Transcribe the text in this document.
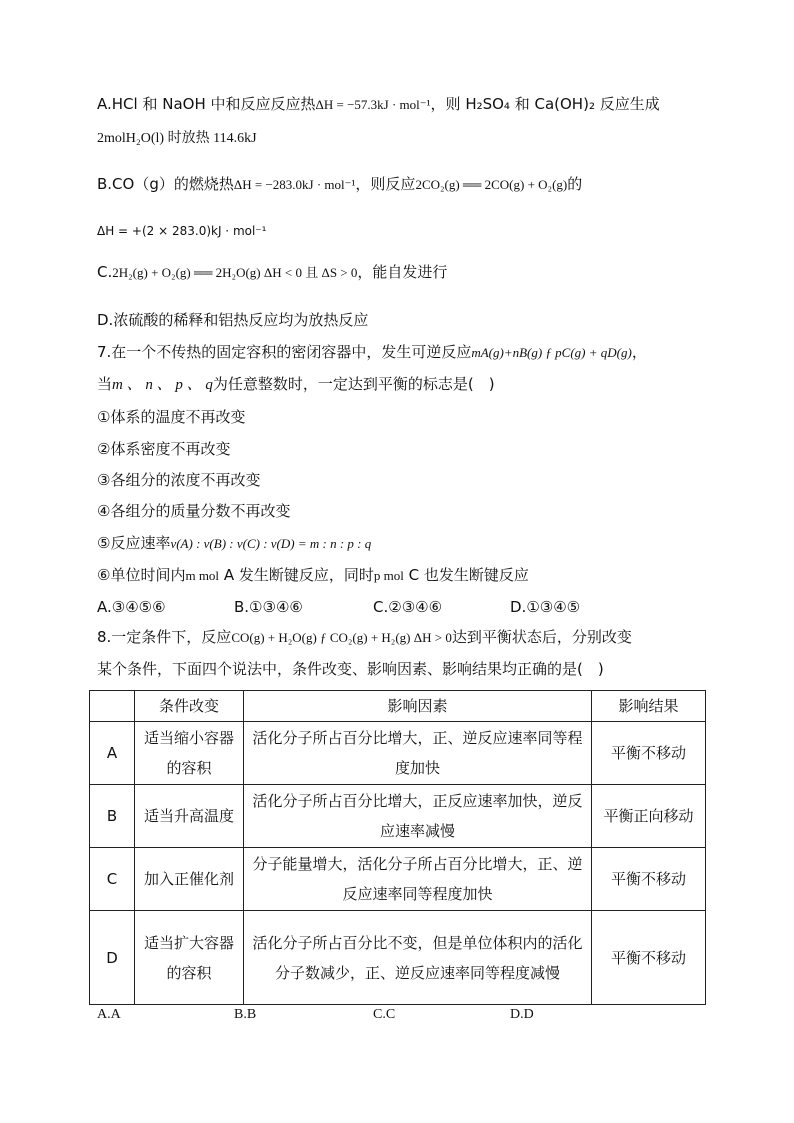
A.HCl 和 NaOH 中和反应反应热ΔH = −57.3kJ · mol⁻¹，则 H₂SO₄ 和 Ca(OH)₂ 反应生成
2molH₂O(l) 时放热 114.6kJ
B.CO（g）的燃烧热ΔH = −283.0kJ · mol⁻¹，则反应2CO₂(g) ══ 2CO(g) + O₂(g)的
ΔH = +(2 × 283.0)kJ · mol⁻¹
C.2H₂(g) + O₂(g) ══ 2H₂O(g) ΔH < 0 且 ΔS > 0，能自发进行
D.浓硫酸的稀释和铝热反应均为放热反应
7.在一个不传热的固定容积的密闭容器中，发生可逆反应mA(g)+nB(g) ƒ pC(g) + qD(g)，
当m 、 n 、 p 、 q为任意整数时，一定达到平衡的标志是(　)
①体系的温度不再改变
②体系密度不再改变
③各组分的浓度不再改变
④各组分的质量分数不再改变
⑤反应速率v(A) : v(B) : v(C) : v(D) = m : n : p : q
⑥单位时间内m mol A 发生断键反应，同时p mol C 也发生断键反应
A.③④⑤⑥	B.①③④⑥	C.②③④⑥	D.①③④⑤
8.一定条件下，反应CO(g) + H₂O(g) ƒ CO₂(g) + H₂(g) ΔH > 0达到平衡状态后，分别改变
某个条件，下面四个说法中，条件改变、影响因素、影响结果均正确的是(　)
	条件改变	影响因素	影响结果
A	适当缩小容器的容积	活化分子所占百分比增大，正、逆反应速率同等程度加快	平衡不移动
B	适当升高温度	活化分子所占百分比增大，正反应速率加快，逆反应速率减慢	平衡正向移动
C	加入正催化剂	分子能量增大，活化分子所占百分比增大，正、逆反应速率同等程度加快	平衡不移动
D	适当扩大容器的容积	活化分子所占百分比不变，但是单位体积内的活化分子数减少，正、逆反应速率同等程度减慢	平衡不移动
A.A	B.B	C.C	D.D
